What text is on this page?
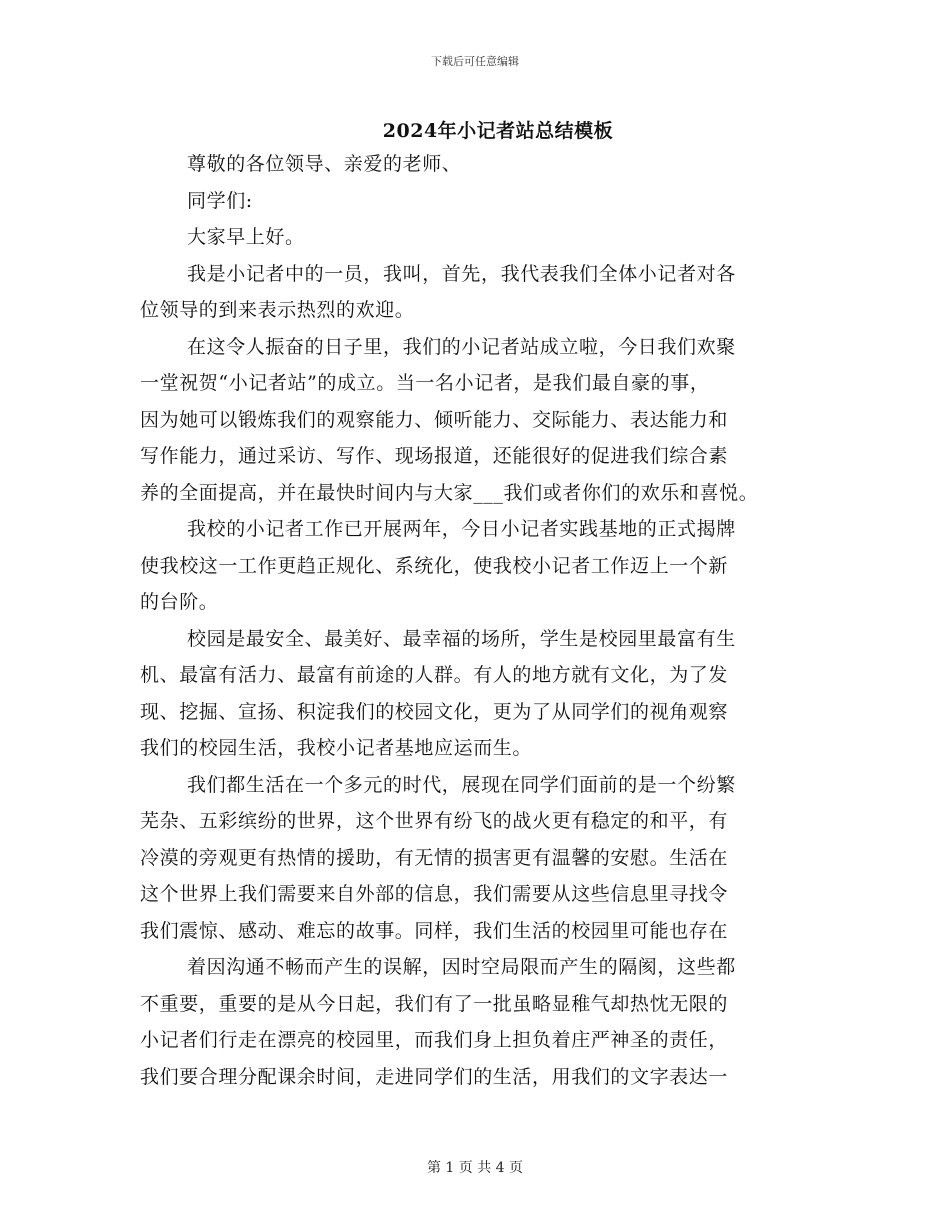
下载后可任意编辑
2024年小记者站总结模板
尊敬的各位领导、亲爱的老师、
同学们:
大家早上好。
我是小记者中的一员，我叫，首先，我代表我们全体小记者对各
位领导的到来表示热烈的欢迎。
在这令人振奋的日子里，我们的小记者站成立啦，今日我们欢聚
一堂祝贺“小记者站”的成立。当一名小记者，是我们最自豪的事，
因为她可以锻炼我们的观察能力、倾听能力、交际能力、表达能力和
写作能力，通过采访、写作、现场报道，还能很好的促进我们综合素
养的全面提高，并在最快时间内与大家___我们或者你们的欢乐和喜悦。
我校的小记者工作已开展两年，今日小记者实践基地的正式揭牌
使我校这一工作更趋正规化、系统化，使我校小记者工作迈上一个新
的台阶。
校园是最安全、最美好、最幸福的场所，学生是校园里最富有生
机、最富有活力、最富有前途的人群。有人的地方就有文化，为了发
现、挖掘、宣扬、积淀我们的校园文化，更为了从同学们的视角观察
我们的校园生活，我校小记者基地应运而生。
我们都生活在一个多元的时代，展现在同学们面前的是一个纷繁
芜杂、五彩缤纷的世界，这个世界有纷飞的战火更有稳定的和平，有
冷漠的旁观更有热情的援助，有无情的损害更有温馨的安慰。生活在
这个世界上我们需要来自外部的信息，我们需要从这些信息里寻找令
我们震惊、感动、难忘的故事。同样，我们生活的校园里可能也存在
着因沟通不畅而产生的误解，因时空局限而产生的隔阂，这些都
不重要，重要的是从今日起，我们有了一批虽略显稚气却热忱无限的
小记者们行走在漂亮的校园里，而我们身上担负着庄严神圣的责任，
我们要合理分配课余时间，走进同学们的生活，用我们的文字表达一
第 1 页 共 4 页
